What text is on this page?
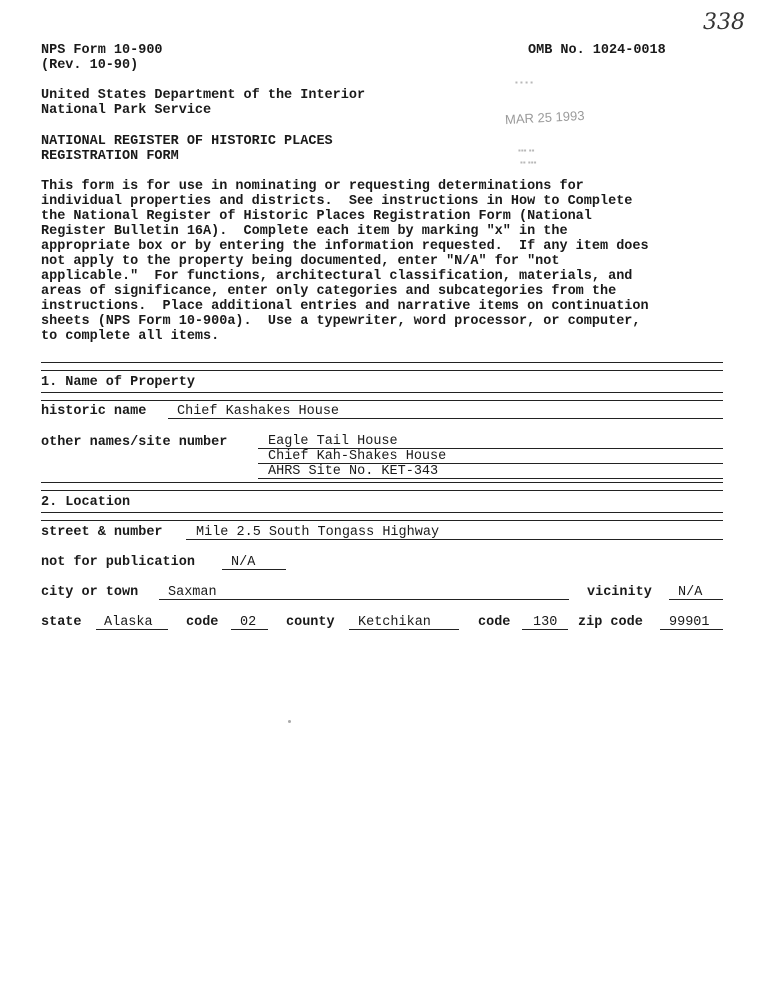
338
NPS Form 10-900
(Rev. 10-90)
OMB No. 1024-0018
United States Department of the Interior
National Park Service
NATIONAL REGISTER OF HISTORIC PLACES
REGISTRATION FORM
▪ ▪ ▪ ▪
MAR 25 1993
▪▪▪ ▪▪
▪▪ ▪▪▪
This form is for use in nominating or requesting determinations for
individual properties and districts.  See instructions in How to Complete
the National Register of Historic Places Registration Form (National
Register Bulletin 16A).  Complete each item by marking "x" in the
appropriate box or by entering the information requested.  If any item does
not apply to the property being documented, enter "N/A" for "not
applicable."  For functions, architectural classification, materials, and
areas of significance, enter only categories and subcategories from the
instructions.  Place additional entries and narrative items on continuation
sheets (NPS Form 10-900a).  Use a typewriter, word processor, or computer,
to complete all items.
1. Name of Property
historic name Chief Kashakes House
other names/site number	Eagle Tail House
Chief Kah-Shakes House
AHRS Site No. KET-343
2. Location
street & number Mile 2.5 South Tongass Highway
not for publication	N/A
city or town Saxman	vicinity N/A
state Alaska code 02 county Ketchikan	code 130 zip code 99901
